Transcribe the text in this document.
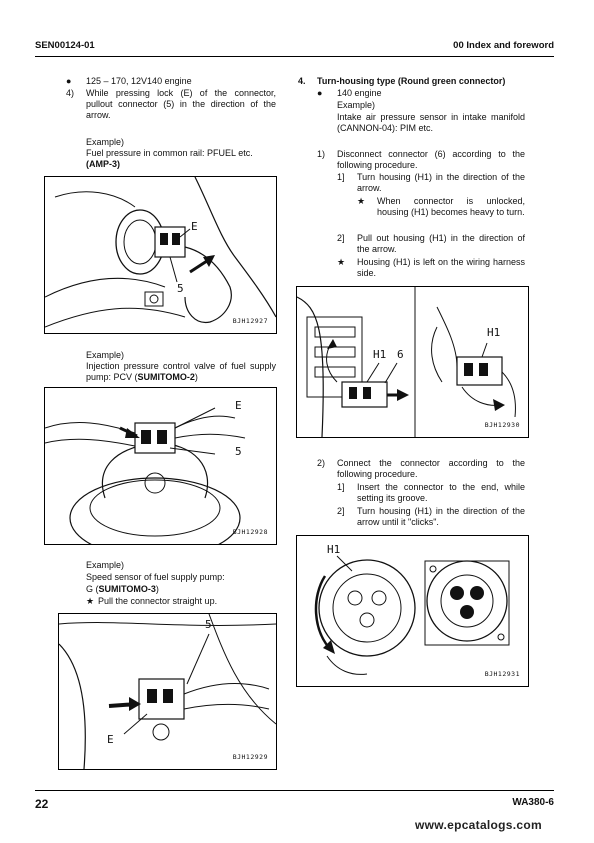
SEN00124-01	00 Index and foreword
● 125 – 170, 12V140 engine
4) While pressing lock (E) of the connector, pullout connector (5) in the direction of the arrow.
Example)
Fuel pressure in common rail: PFUEL etc.
(AMP-3)
E
5
BJH12927
Example)
Injection pressure control valve of fuel supply pump: PCV (SUMITOMO-2)
E
5
BJH12928
Example)
Speed sensor of fuel supply pump:
G (SUMITOMO-3)
★ Pull the connector straight up.
5
E
BJH12929
4. Turn-housing type (Round green connector)
● 140 engine
Example)
Intake air pressure sensor in intake manifold (CANNON-04): PIM etc.
1) Disconnect connector (6) according to the following procedure.
1] Turn housing (H1) in the direction of the arrow.
★ When connector is unlocked, housing (H1) becomes heavy to turn.
2] Pull out housing (H1) in the direction of the arrow.
★ Housing (H1) is left on the wiring harness side.
H1 6
H1
BJH12930
2) Connect the connector according to the following procedure.
1] Insert the connector to the end, while setting its groove.
2] Turn housing (H1) in the direction of the arrow until it "clicks".
H1
BJH12931
22	WA380-6
www.epcatalogs.com
